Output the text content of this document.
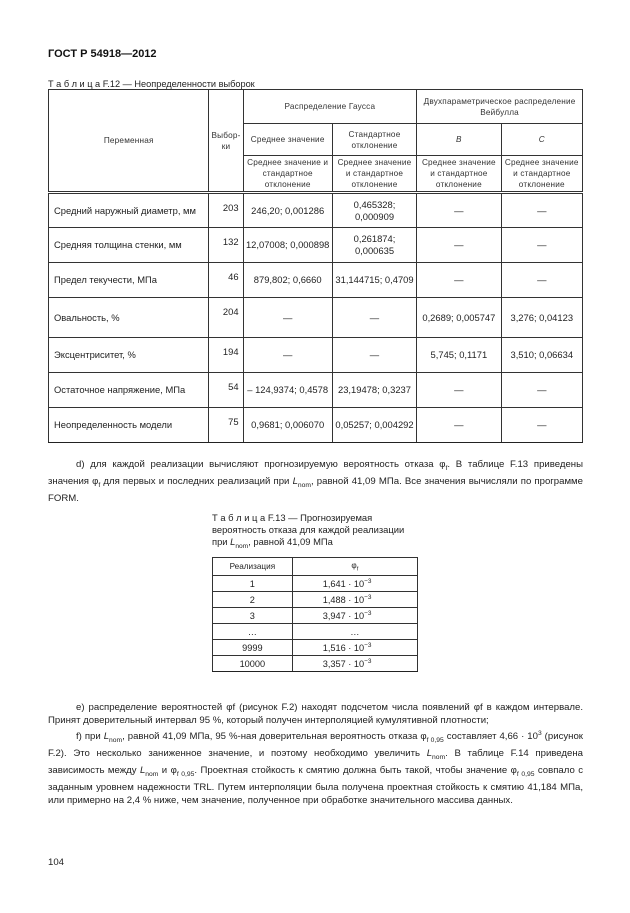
ГОСТ Р 54918—2012
Т а б л и ц а F.12 — Неопределенности выборок
Переменная	Выбор-ки	Распределение Гаусса		Двухпараметрическое распределение Вейбулла	
		Среднее значение	Стандартное отклонение	B	C
		Среднее значение и стандартное отклонение	Среднее значение и стандартное отклонение	Среднее значение и стандартное отклонение	Среднее значение и стандартное отклонение
Средний наружный диаметр, мм	203	246,20; 0,001286	0,465328; 0,000909	—	—
Средняя толщина стенки, мм	132	12,07008; 0,000898	0,261874; 0,000635	—	—
Предел текучести, МПа	46	879,802; 0,6660	31,144715; 0,4709	—	—
Овальность, %	204	—	—	0,2689; 0,005747	3,276; 0,04123
Эксцентриситет, %	194	—	—	5,745; 0,1171	3,510; 0,06634
Остаточное напряжение, МПа	54	– 124,9374; 0,4578	23,19478; 0,3237	—	—
Неопределенность модели	75	0,9681; 0,006070	0,05257; 0,004292	—	—

d) для каждой реализации вычисляют прогнозируемую вероятность отказа $\varphi_f$. В таблице F.13 приведены значения $\varphi_f$ для первых и последних реализаций при $L_{nom}$, равной 41,09 МПа. Все значения вычисляли по программе FORM.

Т а б л и ц а F.13 — Прогнозируемая вероятность отказа для каждой реализации при $L_{nom}$, равной 41,09 МПа
Реализация	$\varphi_f$
1	$1,641 \cdot 10^{-3}$
2	$1,488 \cdot 10^{-3}$
3	$3,947 \cdot 10^{-3}$
…	…
9999	$1,516 \cdot 10^{-3}$
10000	$3,357 \cdot 10^{-3}$

e) распределение вероятностей φf (рисунок F.2) находят подсчетом числа появлений φf в каждом интервале. Принят доверительный интервал 95 %, который получен интерполяцией кумулятивной плотности;

f) при $L_{nom}$, равной 41,09 МПа, 95 %-ная доверительная вероятность отказа $\varphi_{f 0,95}$ составляет $4,66 \cdot 10^3$ (рисунок F.2). Это несколько заниженное значение, и поэтому необходимо увеличить $L_{nom}$. В таблице F.14 приведена зависимость между $L_{nom}$ и $\varphi_{f 0,95}$. Проектная стойкость к смятию должна быть такой, чтобы значение $\varphi_{f 0,95}$ совпало с заданным уровнем надежности TRL. Путем интерполяции была получена проектная стойкость к смятию 41,184 МПа, или примерно на 2,4 % ниже, чем значение, полученное при обработке значительного массива данных.

104
